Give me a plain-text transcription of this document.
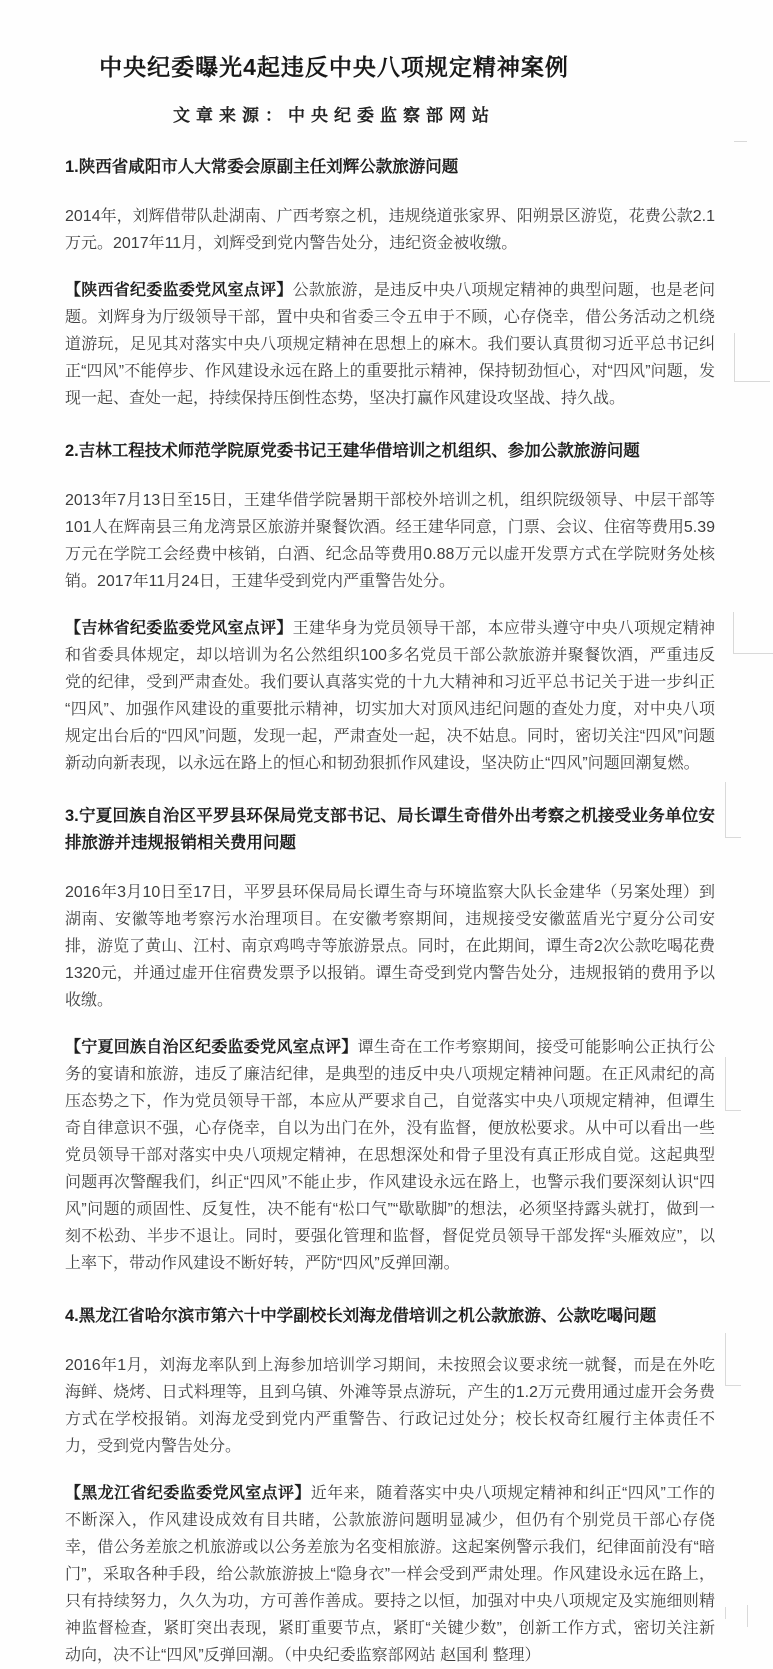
中央纪委曝光4起违反中央八项规定精神案例
文章来源：中央纪委监察部网站
1.陕西省咸阳市人大常委会原副主任刘辉公款旅游问题

2014年，刘辉借带队赴湖南、广西考察之机，违规绕道张家界、阳朔景区游览，花费公款2.1万元。2017年11月，刘辉受到党内警告处分，违纪资金被收缴。

【陕西省纪委监委党风室点评】公款旅游，是违反中央八项规定精神的典型问题，也是老问题。刘辉身为厅级领导干部，置中央和省委三令五申于不顾，心存侥幸，借公务活动之机绕道游玩，足见其对落实中央八项规定精神在思想上的麻木。我们要认真贯彻习近平总书记纠正“四风”不能停步、作风建设永远在路上的重要批示精神，保持韧劲恒心，对“四风”问题，发现一起、查处一起，持续保持压倒性态势，坚决打赢作风建设攻坚战、持久战。

2.吉林工程技术师范学院原党委书记王建华借培训之机组织、参加公款旅游问题

2013年7月13日至15日，王建华借学院暑期干部校外培训之机，组织院级领导、中层干部等101人在辉南县三角龙湾景区旅游并聚餐饮酒。经王建华同意，门票、会议、住宿等费用5.39万元在学院工会经费中核销，白酒、纪念品等费用0.88万元以虚开发票方式在学院财务处核销。2017年11月24日，王建华受到党内严重警告处分。

【吉林省纪委监委党风室点评】王建华身为党员领导干部，本应带头遵守中央八项规定精神和省委具体规定，却以培训为名公然组织100多名党员干部公款旅游并聚餐饮酒，严重违反党的纪律，受到严肃查处。我们要认真落实党的十九大精神和习近平总书记关于进一步纠正“四风”、加强作风建设的重要批示精神，切实加大对顶风违纪问题的查处力度，对中央八项规定出台后的“四风”问题，发现一起，严肃查处一起，决不姑息。同时，密切关注“四风”问题新动向新表现，以永远在路上的恒心和韧劲狠抓作风建设，坚决防止“四风”问题回潮复燃。

3.宁夏回族自治区平罗县环保局党支部书记、局长谭生奇借外出考察之机接受业务单位安排旅游并违规报销相关费用问题

2016年3月10日至17日，平罗县环保局局长谭生奇与环境监察大队长金建华（另案处理）到湖南、安徽等地考察污水治理项目。在安徽考察期间，违规接受安徽蓝盾光宁夏分公司安排，游览了黄山、江村、南京鸡鸣寺等旅游景点。同时，在此期间，谭生奇2次公款吃喝花费1320元，并通过虚开住宿费发票予以报销。谭生奇受到党内警告处分，违规报销的费用予以收缴。

【宁夏回族自治区纪委监委党风室点评】谭生奇在工作考察期间，接受可能影响公正执行公务的宴请和旅游，违反了廉洁纪律，是典型的违反中央八项规定精神问题。在正风肃纪的高压态势之下，作为党员领导干部，本应从严要求自己，自觉落实中央八项规定精神，但谭生奇自律意识不强，心存侥幸，自以为出门在外，没有监督，便放松要求。从中可以看出一些党员领导干部对落实中央八项规定精神，在思想深处和骨子里没有真正形成自觉。这起典型问题再次警醒我们，纠正“四风”不能止步，作风建设永远在路上，也警示我们要深刻认识“四风”问题的顽固性、反复性，决不能有“松口气”“歇歇脚”的想法，必须坚持露头就打，做到一刻不松劲、半步不退让。同时，要强化管理和监督，督促党员领导干部发挥“头雁效应”，以上率下，带动作风建设不断好转，严防“四风”反弹回潮。

4.黑龙江省哈尔滨市第六十中学副校长刘海龙借培训之机公款旅游、公款吃喝问题

2016年1月，刘海龙率队到上海参加培训学习期间，未按照会议要求统一就餐，而是在外吃海鲜、烧烤、日式料理等，且到乌镇、外滩等景点游玩，产生的1.2万元费用通过虚开会务费方式在学校报销。刘海龙受到党内严重警告、行政记过处分；校长权奇红履行主体责任不力，受到党内警告处分。

【黑龙江省纪委监委党风室点评】近年来，随着落实中央八项规定精神和纠正“四风”工作的不断深入，作风建设成效有目共睹，公款旅游问题明显减少，但仍有个别党员干部心存侥幸，借公务差旅之机旅游或以公务差旅为名变相旅游。这起案例警示我们，纪律面前没有“暗门”，采取各种手段，给公款旅游披上“隐身衣”一样会受到严肃处理。作风建设永远在路上，只有持续努力，久久为功，方可善作善成。要持之以恒，加强对中央八项规定及实施细则精神监督检查，紧盯突出表现，紧盯重要节点，紧盯“关键少数”，创新工作方式，密切关注新动向，决不让“四风”反弹回潮。（中央纪委监察部网站 赵国利 整理）
